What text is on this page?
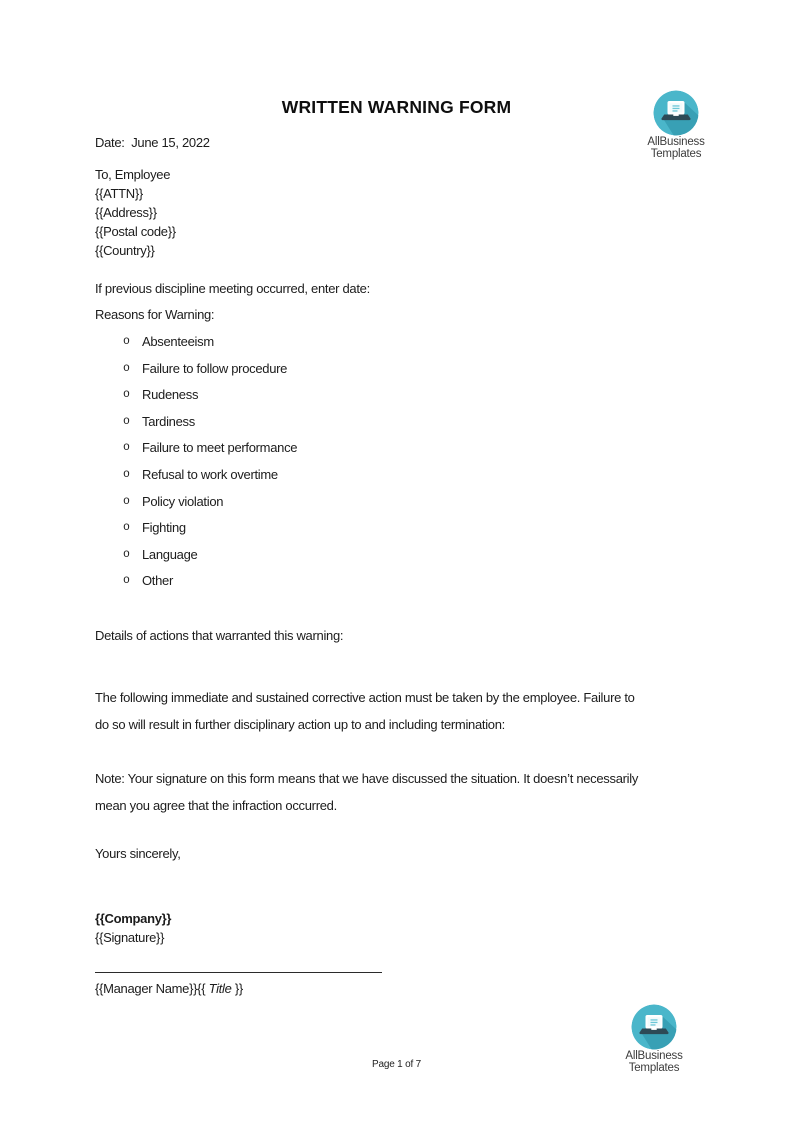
WRITTEN WARNING FORM
AllBusiness
Templates
Date:  June 15, 2022
To, Employee
{{ATTN}}
{{Address}}
{{Postal code}}
{{Country}}
If previous discipline meeting occurred, enter date:
Reasons for Warning:
o Absenteeism
o Failure to follow procedure
o Rudeness
o Tardiness
o Failure to meet performance
o Refusal to work overtime
o Policy violation
o Fighting
o Language
o Other
Details of actions that warranted this warning:
The following immediate and sustained corrective action must be taken by the employee. Failure to
do so will result in further disciplinary action up to and including termination:
Note: Your signature on this form means that we have discussed the situation. It doesn’t necessarily
mean you agree that the infraction occurred.
Yours sincerely,
{{Company}}
{{Signature}}
{{Manager Name}}{{ Title }}
Page 1 of 7
AllBusiness
Templates
